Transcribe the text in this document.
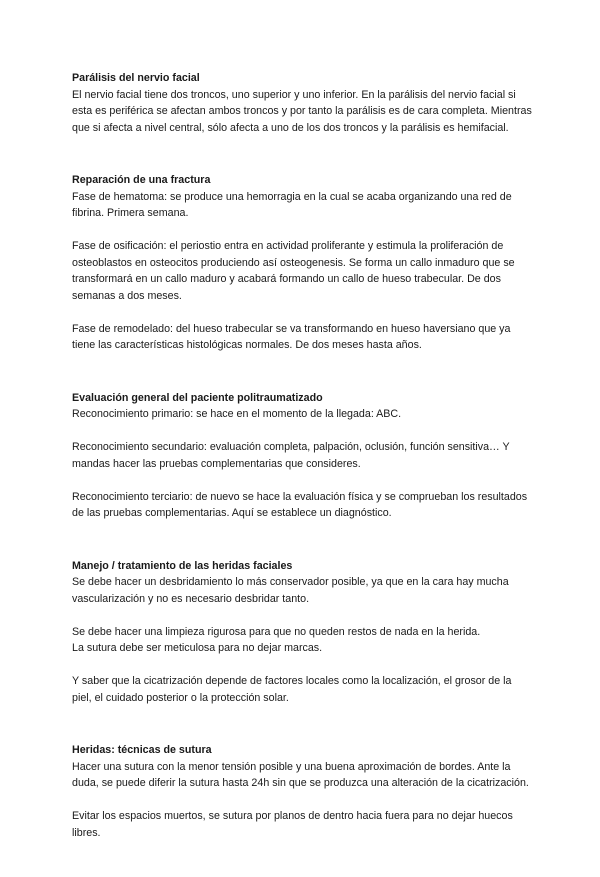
Parálisis del nervio facial

El nervio facial tiene dos troncos, uno superior y uno inferior. En la parálisis del nervio facial si esta es periférica se afectan ambos troncos y por tanto la parálisis es de cara completa. Mientras que si afecta a nivel central, sólo afecta a uno de los dos troncos y la parálisis es hemifacial.

Reparación de una fractura

Fase de hematoma: se produce una hemorragia en la cual se acaba organizando una red de fibrina. Primera semana.

Fase de osificación: el periostio entra en actividad proliferante y estimula la proliferación de osteoblastos en osteocitos produciendo así osteogenesis. Se forma un callo inmaduro que se transformará en un callo maduro y acabará formando un callo de hueso trabecular. De dos semanas a dos meses.

Fase de remodelado: del hueso trabecular se va transformando en hueso haversiano que ya tiene las características histológicas normales. De dos meses hasta años.

Evaluación general del paciente politraumatizado

Reconocimiento primario: se hace en el momento de la llegada: ABC.

Reconocimiento secundario: evaluación completa, palpación, oclusión, función sensitiva… Y mandas hacer las pruebas complementarias que consideres.

Reconocimiento terciario: de nuevo se hace la evaluación física y se comprueban los resultados de las pruebas complementarias. Aquí se establece un diagnóstico.

Manejo / tratamiento de las heridas faciales

Se debe hacer un desbridamiento lo más conservador posible, ya que en la cara hay mucha vascularización y no es necesario desbridar tanto.

Se debe hacer una limpieza rigurosa para que no queden restos de nada en la herida.

La sutura debe ser meticulosa para no dejar marcas.

Y saber que la cicatrización depende de factores locales como la localización, el grosor de la piel, el cuidado posterior o la protección solar.

Heridas: técnicas de sutura

Hacer una sutura con la menor tensión posible y una buena aproximación de bordes. Ante la duda, se puede diferir la sutura hasta 24h sin que se produzca una alteración de la cicatrización.

Evitar los espacios muertos, se sutura por planos de dentro hacia fuera para no dejar huecos libres.
